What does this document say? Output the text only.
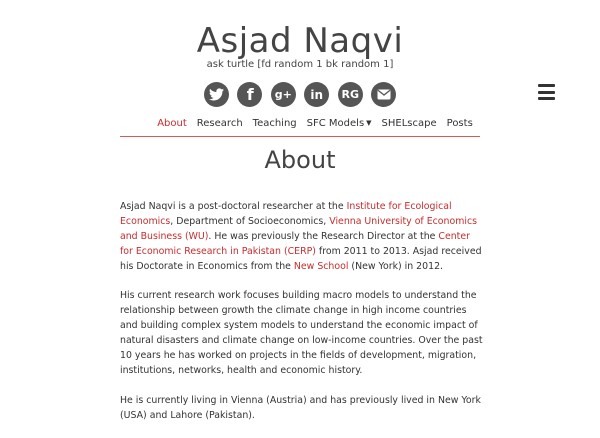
Asjad Naqvi
ask turtle [fd random 1 bk random 1]
f g+ in RG
About Research Teaching SFC Models ▼ SHELscape Posts
About

Asjad Naqvi is a post-doctoral researcher at the Institute for Ecological Economics, Department of Socioeconomics, Vienna University of Economics and Business (WU). He was previously the Research Director at the Center for Economic Research in Pakistan (CERP) from 2011 to 2013. Asjad received his Doctorate in Economics from the New School (New York) in 2012.

His current research work focuses building macro models to understand the relationship between growth the climate change in high income countries and building complex system models to understand the economic impact of natural disasters and climate change on low-income countries. Over the past 10 years he has worked on projects in the fields of development, migration, institutions, networks, health and economic history.

He is currently living in Vienna (Austria) and has previously lived in New York (USA) and Lahore (Pakistan).
